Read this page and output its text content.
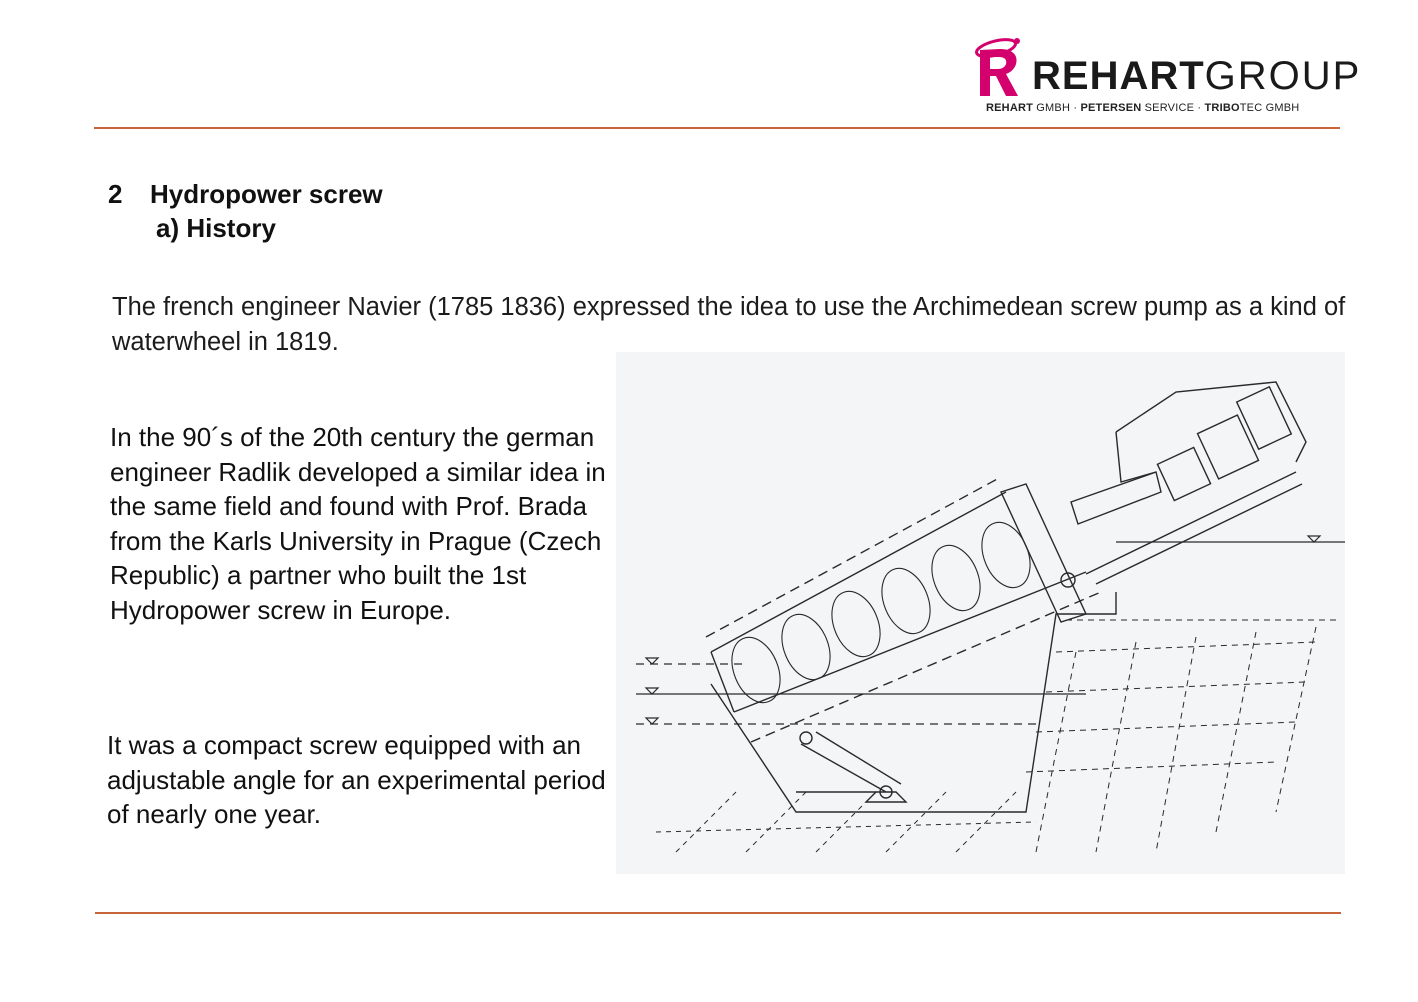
REHARTGROUP
REHART GMBH · PETERSEN SERVICE · TRIBOTEC GMBH
2 Hydropower screw
a) History
The french engineer Navier (1785 1836) expressed the idea to use the Archimedean screw pump as a kind of waterwheel in 1819.
In the 90´s of the 20th century the german engineer Radlik developed a similar idea in the same field and found with Prof. Brada from the Karls University in Prague (Czech Republic) a partner who built the 1st Hydropower screw in Europe.
It was a compact screw equipped with an adjustable angle for an experimental period of nearly one year.
